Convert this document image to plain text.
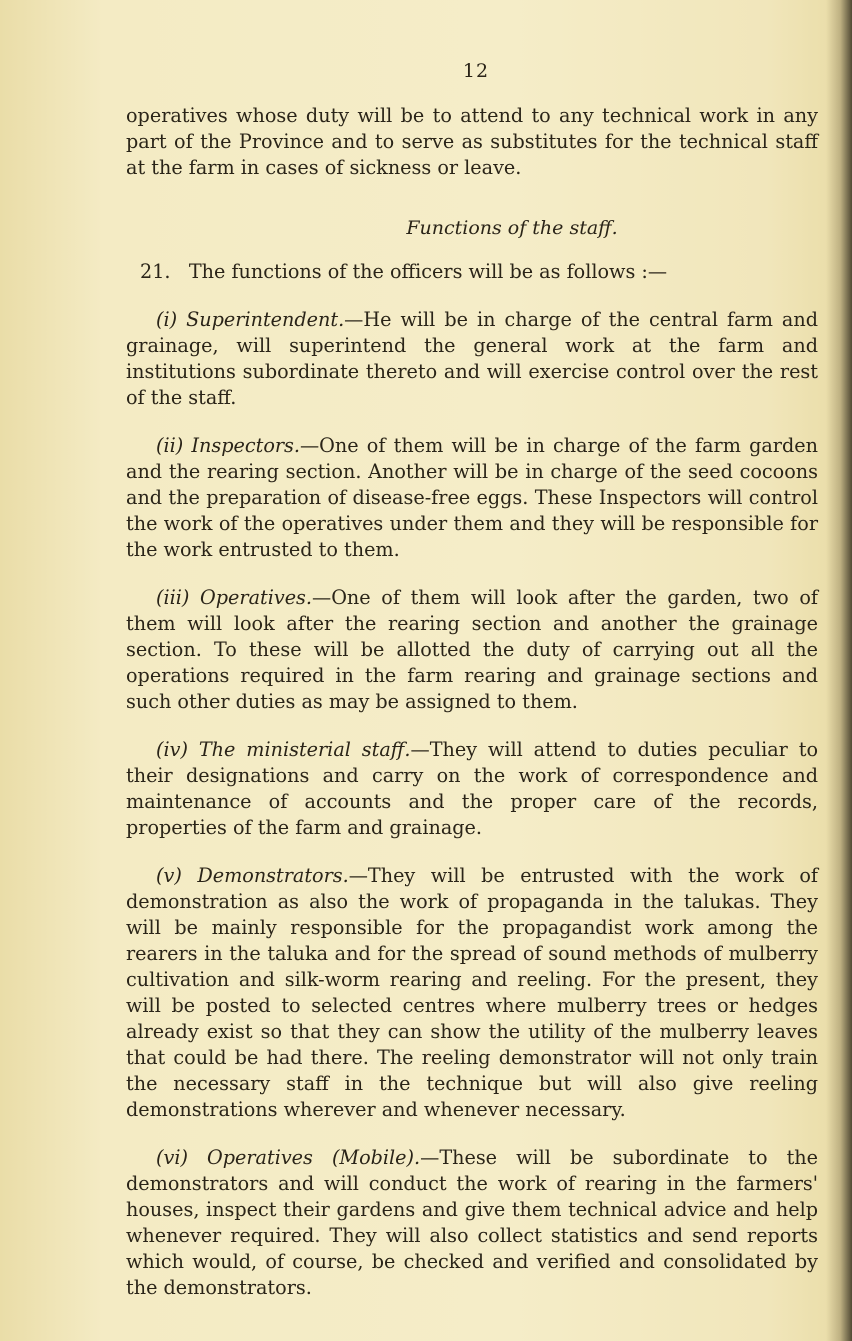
12

operatives whose duty will be to attend to any technical work in any part of the Province and to serve as substitutes for the technical staff at the farm in cases of sickness or leave.

Functions of the staff.

21. The functions of the officers will be as follows :—

(i) Superintendent.—He will be in charge of the central farm and grainage, will superintend the general work at the farm and institutions subordinate thereto and will exercise control over the rest of the staff.

(ii) Inspectors.—One of them will be in charge of the farm garden and the rearing section. Another will be in charge of the seed cocoons and the preparation of disease-free eggs. These Inspectors will control the work of the operatives under them and they will be responsible for the work entrusted to them.

(iii) Operatives.—One of them will look after the garden, two of them will look after the rearing section and another the grainage section. To these will be allotted the duty of carrying out all the operations required in the farm rearing and grainage sections and such other duties as may be assigned to them.

(iv) The ministerial staff.—They will attend to duties peculiar to their designations and carry on the work of correspondence and maintenance of accounts and the proper care of the records, properties of the farm and grainage.

(v) Demonstrators.—They will be entrusted with the work of demonstration as also the work of propaganda in the talukas. They will be mainly responsible for the propagandist work among the rearers in the taluka and for the spread of sound methods of mulberry cultivation and silk-worm rearing and reeling. For the present, they will be posted to selected centres where mulberry trees or hedges already exist so that they can show the utility of the mulberry leaves that could be had there. The reeling demonstrator will not only train the necessary staff in the technique but will also give reeling demonstrations wherever and whenever necessary.

(vi) Operatives (Mobile).—These will be subordinate to the demonstrators and will conduct the work of rearing in the farmers' houses, inspect their gardens and give them technical advice and help whenever required. They will also collect statistics and send reports which would, of course, be checked and verified and consolidated by the demonstrators.
